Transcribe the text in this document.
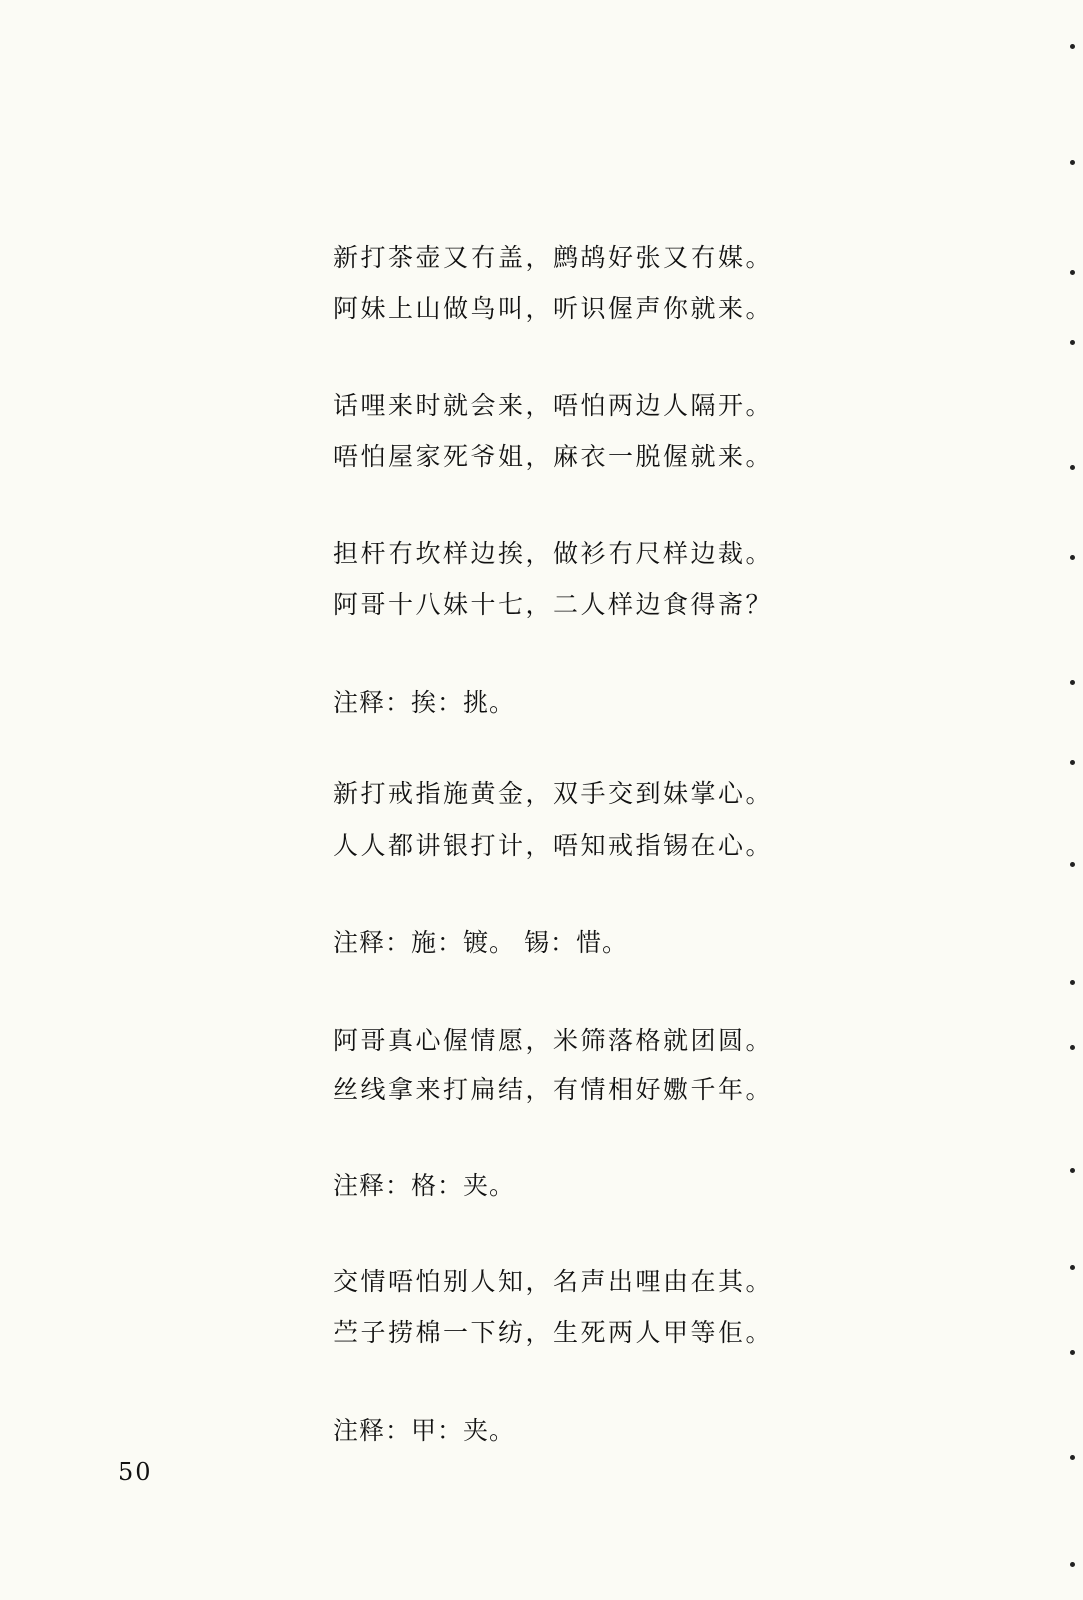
新打茶壶又冇盖，鹧鸪好张又冇媒。
阿妹上山做鸟叫，听识偓声你就来。
话哩来时就会来，唔怕两边人隔开。
唔怕屋家死爷姐，麻衣一脱偓就来。
担杆冇坎样边挨，做衫冇尺样边裁。
阿哥十八妹十七，二人样边食得斋？
注释：挨：挑。
新打戒指施黄金，双手交到妹掌心。
人人都讲银打计，唔知戒指锡在心。
注释：施：镀。 锡：惜。
阿哥真心偓情愿，米筛落格就团圆。
丝线拿来打扁结，有情相好嫐千年。
注释：格：夹。
交情唔怕别人知，名声出哩由在其。
苎子捞棉一下纺，生死两人甲等佢。
注释：甲：夹。
50
